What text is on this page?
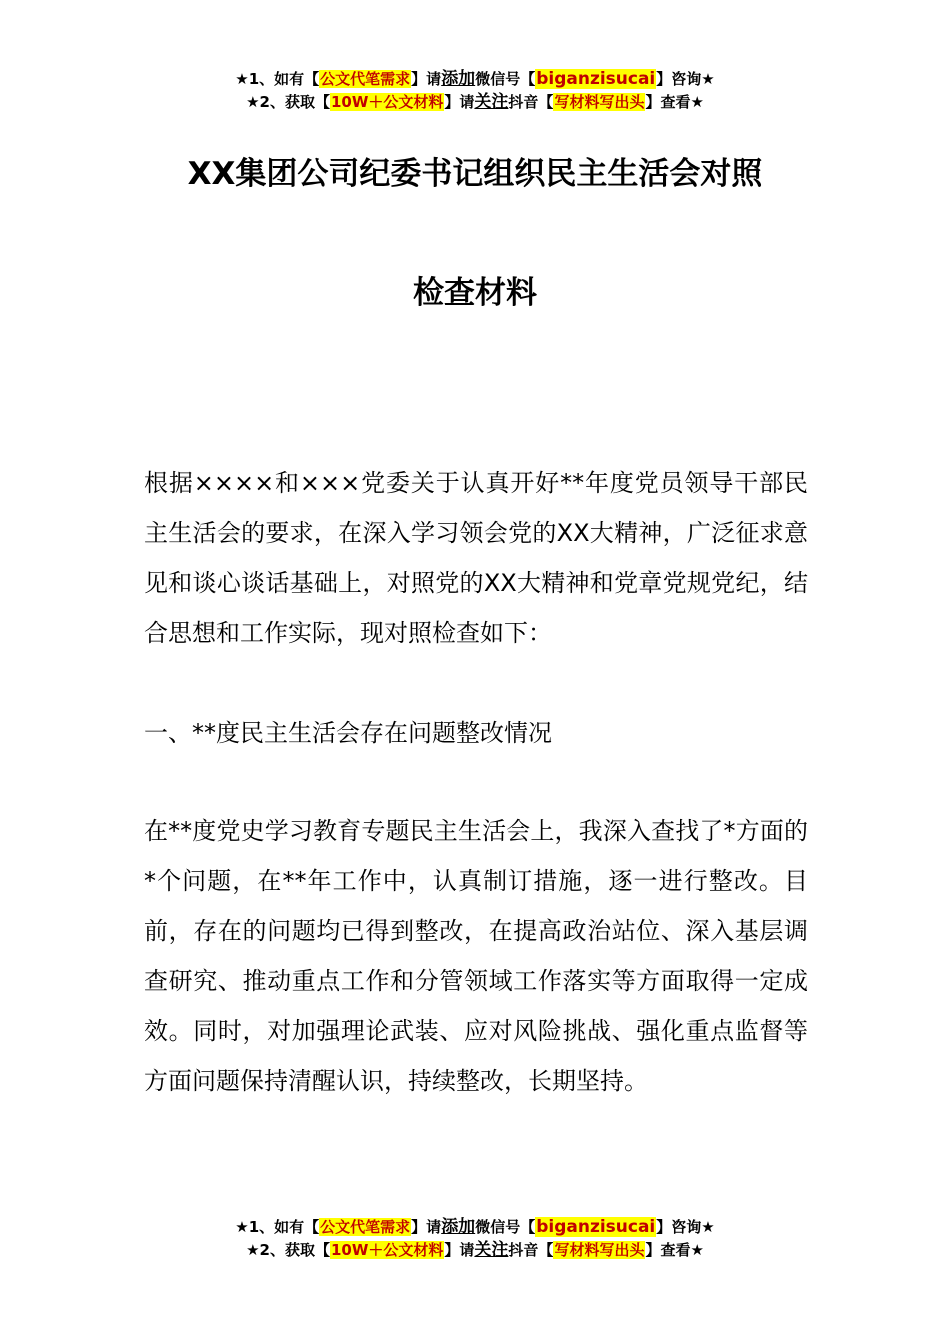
★1、如有【公文代笔需求】请添加微信号【biganzisucai】咨询★
★2、获取【10W＋公文材料】请关注抖音【写材料写出头】查看★
XX集团公司纪委书记组织民主生活会对照
检查材料

根据××××和×××党委关于认真开好**年度党员领导干部民主生活会的要求，在深入学习领会党的XX大精神，广泛征求意见和谈心谈话基础上，对照党的XX大精神和党章党规党纪，结合思想和工作实际，现对照检查如下：

一、**度民主生活会存在问题整改情况

在**度党史学习教育专题民主生活会上，我深入查找了*方面的*个问题，在**年工作中，认真制订措施，逐一进行整改。目前，存在的问题均已得到整改，在提高政治站位、深入基层调查研究、推动重点工作和分管领域工作落实等方面取得一定成效。同时，对加强理论武装、应对风险挑战、强化重点监督等方面问题保持清醒认识，持续整改，长期坚持。

★1、如有【公文代笔需求】请添加微信号【biganzisucai】咨询★
★2、获取【10W＋公文材料】请关注抖音【写材料写出头】查看★
